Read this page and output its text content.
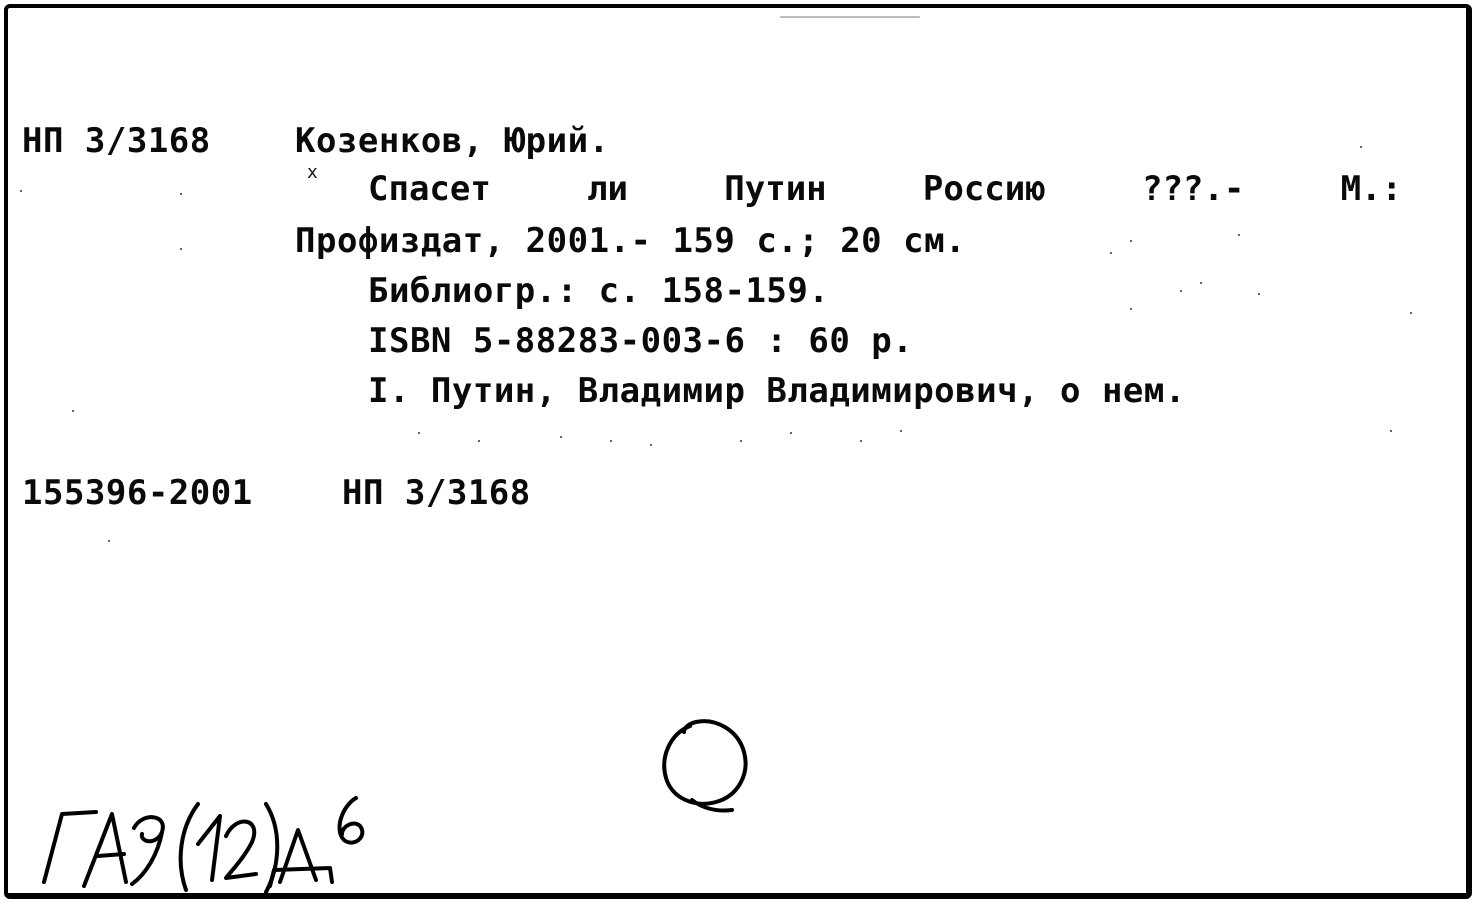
НП 3/3168 Козенков, Юрий.
x Спасет	ли	Путин	Россию	???.-	М.:
Профиздат, 2001.- 159 с.; 20 см.
Библиогр.: с. 158-159.
ISBN 5-88283-003-6 : 60 р.
I. Путин, Владимир Владимирович, о нем.
155396-2001	НП 3/3168
